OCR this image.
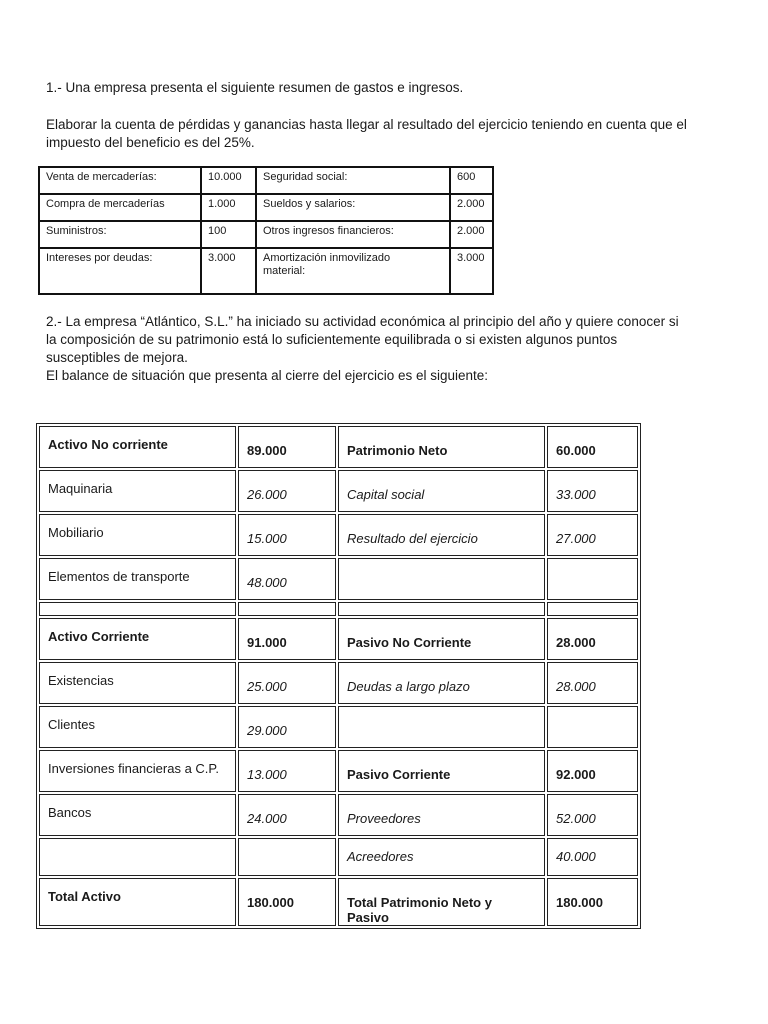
1.- Una empresa presenta el siguiente resumen de gastos e ingresos.
Elaborar la cuenta de pérdidas y ganancias hasta llegar al resultado del ejercicio teniendo en cuenta que el
impuesto del beneficio es del 25%.
Venta de mercaderías:	10.000	Seguridad social:	600
Compra de mercaderías	1.000	Sueldos y salarios:	2.000
Suministros:	100	Otros ingresos financieros:	2.000
Intereses por deudas:	3.000	Amortización inmovilizado
material:	3.000
2.- La empresa “Atlántico, S.L.” ha iniciado su actividad económica al principio del año y quiere conocer si
la composición de su patrimonio está lo suficientemente equilibrada o si existen algunos puntos
susceptibles de mejora.
El balance de situación que presenta al cierre del ejercicio es el siguiente:
Activo No corriente	89.000	Patrimonio Neto	60.000
Maquinaria	26.000	Capital social	33.000
Mobiliario	15.000	Resultado del ejercicio	27.000
Elementos de transporte	48.000		

Activo Corriente	91.000	Pasivo No Corriente	28.000
Existencias	25.000	Deudas a largo plazo	28.000
Clientes	29.000		
Inversiones financieras a C.P.	13.000	Pasivo Corriente	92.000
Bancos	24.000	Proveedores	52.000
		Acreedores	40.000
Total Activo	180.000	Total Patrimonio Neto y Pasivo	180.000
